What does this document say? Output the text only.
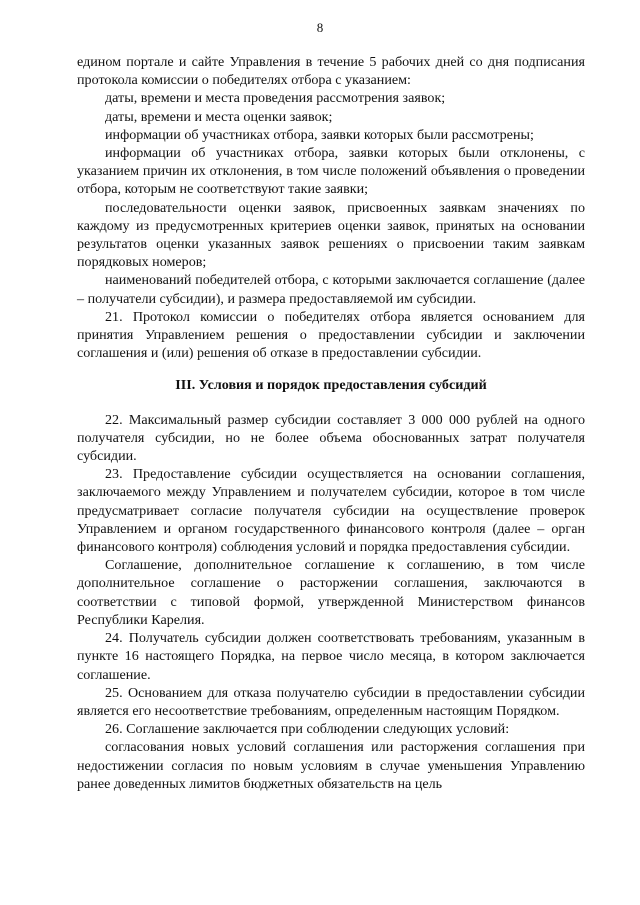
8

едином портале и сайте Управления в течение 5 рабочих дней со дня подписания протокола комиссии о победителях отбора с указанием:

даты, времени и места проведения рассмотрения заявок;

даты, времени и места оценки заявок;

информации об участниках отбора, заявки которых были рассмотрены;

информации об участниках отбора, заявки которых были отклонены, с указанием причин их отклонения, в том числе положений объявления о проведении отбора, которым не соответствуют такие заявки;

последовательности оценки заявок, присвоенных заявкам значениях по каждому из предусмотренных критериев оценки заявок, принятых на основании результатов оценки указанных заявок решениях о присвоении таким заявкам порядковых номеров;

наименований победителей отбора, с которыми заключается соглашение (далее – получатели субсидии), и размера предоставляемой им субсидии.

21. Протокол комиссии о победителях отбора является основанием для принятия Управлением решения о предоставлении субсидии и заключении соглашения и (или) решения об отказе в предоставлении субсидии.

III. Условия и порядок предоставления субсидий

22. Максимальный размер субсидии составляет 3 000 000 рублей на одного получателя субсидии, но не более объема обоснованных затрат получателя субсидии.

23. Предоставление субсидии осуществляется на основании соглашения, заключаемого между Управлением и получателем субсидии, которое в том числе предусматривает согласие получателя субсидии на осуществление проверок Управлением и органом государственного финансового контроля (далее – орган финансового контроля) соблюдения условий и порядка предоставления субсидии.

Соглашение, дополнительное соглашение к соглашению, в том числе дополнительное соглашение о расторжении соглашения, заключаются в соответствии с типовой формой, утвержденной Министерством финансов Республики Карелия.

24. Получатель субсидии должен соответствовать требованиям, указанным в пункте 16 настоящего Порядка, на первое число месяца, в котором заключается соглашение.

25. Основанием для отказа получателю субсидии в предоставлении субсидии является его несоответствие требованиям, определенным настоящим Порядком.

26. Соглашение заключается при соблюдении следующих условий:

согласования новых условий соглашения или расторжения соглашения при недостижении согласия по новым условиям в случае уменьшения Управлению ранее доведенных лимитов бюджетных обязательств на цель
